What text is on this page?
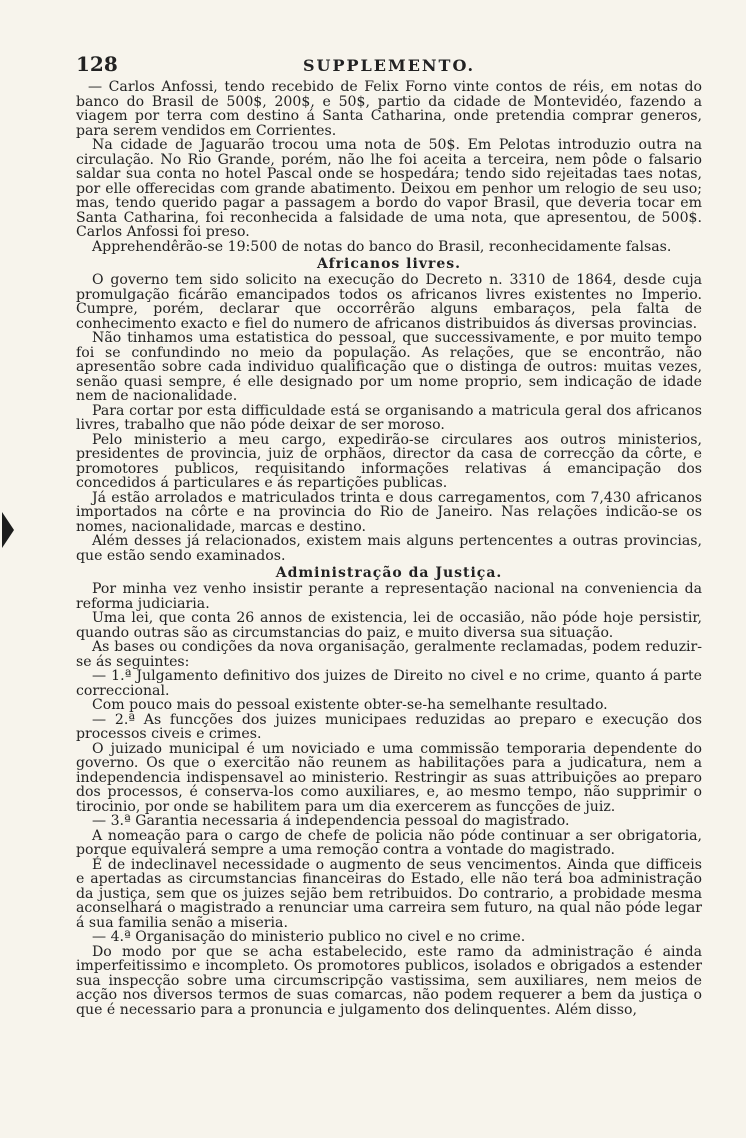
128	SUPPLEMENTO.

— Carlos Anfossi, tendo recebido de Felix Forno vinte contos de réis, em notas do banco do Brasil de 500$, 200$, e 50$, partio da cidade de Montevidéo, fazendo a viagem por terra com destino á Santa Catharina, onde pretendia comprar generos, para serem vendidos em Corrientes.

Na cidade de Jaguarão trocou uma nota de 50$. Em Pelotas introduzio outra na circulação. No Rio Grande, porém, não lhe foi aceita a terceira, nem pôde o falsario saldar sua conta no hotel Pascal onde se hospedára; tendo sido rejeitadas taes notas, por elle offerecidas com grande abatimento. Deixou em penhor um relogio de seu uso; mas, tendo querido pagar a passagem a bordo do vapor Brasil, que deveria tocar em Santa Catharina, foi reconhecida a falsidade de uma nota, que apresentou, de 500$. Carlos Anfossi foi preso.

Apprehendêrão-se 19:500 de notas do banco do Brasil, reconhecidamente falsas.

Africanos livres.

O governo tem sido solicito na execução do Decreto n. 3310 de 1864, desde cuja promulgação ficárão emancipados todos os africanos livres existentes no Imperio. Cumpre, porém, declarar que occorrêrão alguns embaraços, pela falta de conhecimento exacto e fiel do numero de africanos distribuidos ás diversas provincias.

Não tinhamos uma estatistica do pessoal, que successivamente, e por muito tempo foi se confundindo no meio da população. As relações, que se encontrão, não apresentão sobre cada individuo qualificação que o distinga de outros: muitas vezes, senão quasi sempre, é elle designado por um nome proprio, sem indicação de idade nem de nacionalidade.

Para cortar por esta difficuldade está se organisando a matricula geral dos africanos livres, trabalho que não póde deixar de ser moroso.

Pelo ministerio a meu cargo, expedirão-se circulares aos outros ministerios, presidentes de provincia, juiz de orphãos, director da casa de correcção da côrte, e promotores publicos, requisitando informações relativas á emancipação dos concedidos á particulares e ás repartições publicas.

Já estão arrolados e matriculados trinta e dous carregamentos, com 7,430 africanos importados na côrte e na provincia do Rio de Janeiro. Nas relações indicão-se os nomes, nacionalidade, marcas e destino.

Além desses já relacionados, existem mais alguns pertencentes a outras provincias, que estão sendo examinados.

Administração da Justiça.

Por minha vez venho insistir perante a representação nacional na conveniencia da reforma judiciaria.

Uma lei, que conta 26 annos de existencia, lei de occasião, não póde hoje persistir, quando outras são as circumstancias do paiz, e muito diversa sua situação.

As bases ou condições da nova organisação, geralmente reclamadas, podem reduzir-se ás seguintes:

— 1.ª Julgamento definitivo dos juizes de Direito no civel e no crime, quanto á parte correccional.

Com pouco mais do pessoal existente obter-se-ha semelhante resultado.

— 2.ª As funcções dos juizes municipaes reduzidas ao preparo e execução dos processos civeis e crimes.

O juizado municipal é um noviciado e uma commissão temporaria dependente do governo. Os que o exercitão não reunem as habilitações para a judicatura, nem a independencia indispensavel ao ministerio. Restringir as suas attribuições ao preparo dos processos, é conserva-los como auxiliares, e, ao mesmo tempo, não supprimir o tirocinio, por onde se habilitem para um dia exercerem as funcções de juiz.

— 3.ª Garantia necessaria á independencia pessoal do magistrado.

A nomeação para o cargo de chefe de policia não póde continuar a ser obrigatoria, porque equivalerá sempre a uma remoção contra a vontade do magistrado.

É de indeclinavel necessidade o augmento de seus vencimentos. Ainda que difficeis e apertadas as circumstancias financeiras do Estado, elle não terá boa administração da justiça, sem que os juizes sejão bem retribuidos. Do contrario, a probidade mesma aconselhará o magistrado a renunciar uma carreira sem futuro, na qual não póde legar á sua familia senão a miseria.

— 4.ª Organisação do ministerio publico no civel e no crime.

Do modo por que se acha estabelecido, este ramo da administração é ainda imperfeitissimo e incompleto. Os promotores publicos, isolados e obrigados a estender sua inspecção sobre uma circumscripção vastissima, sem auxiliares, nem meios de acção nos diversos termos de suas comarcas, não podem requerer a bem da justiça o que é necessario para a pronuncia e julgamento dos delinquentes. Além disso,
